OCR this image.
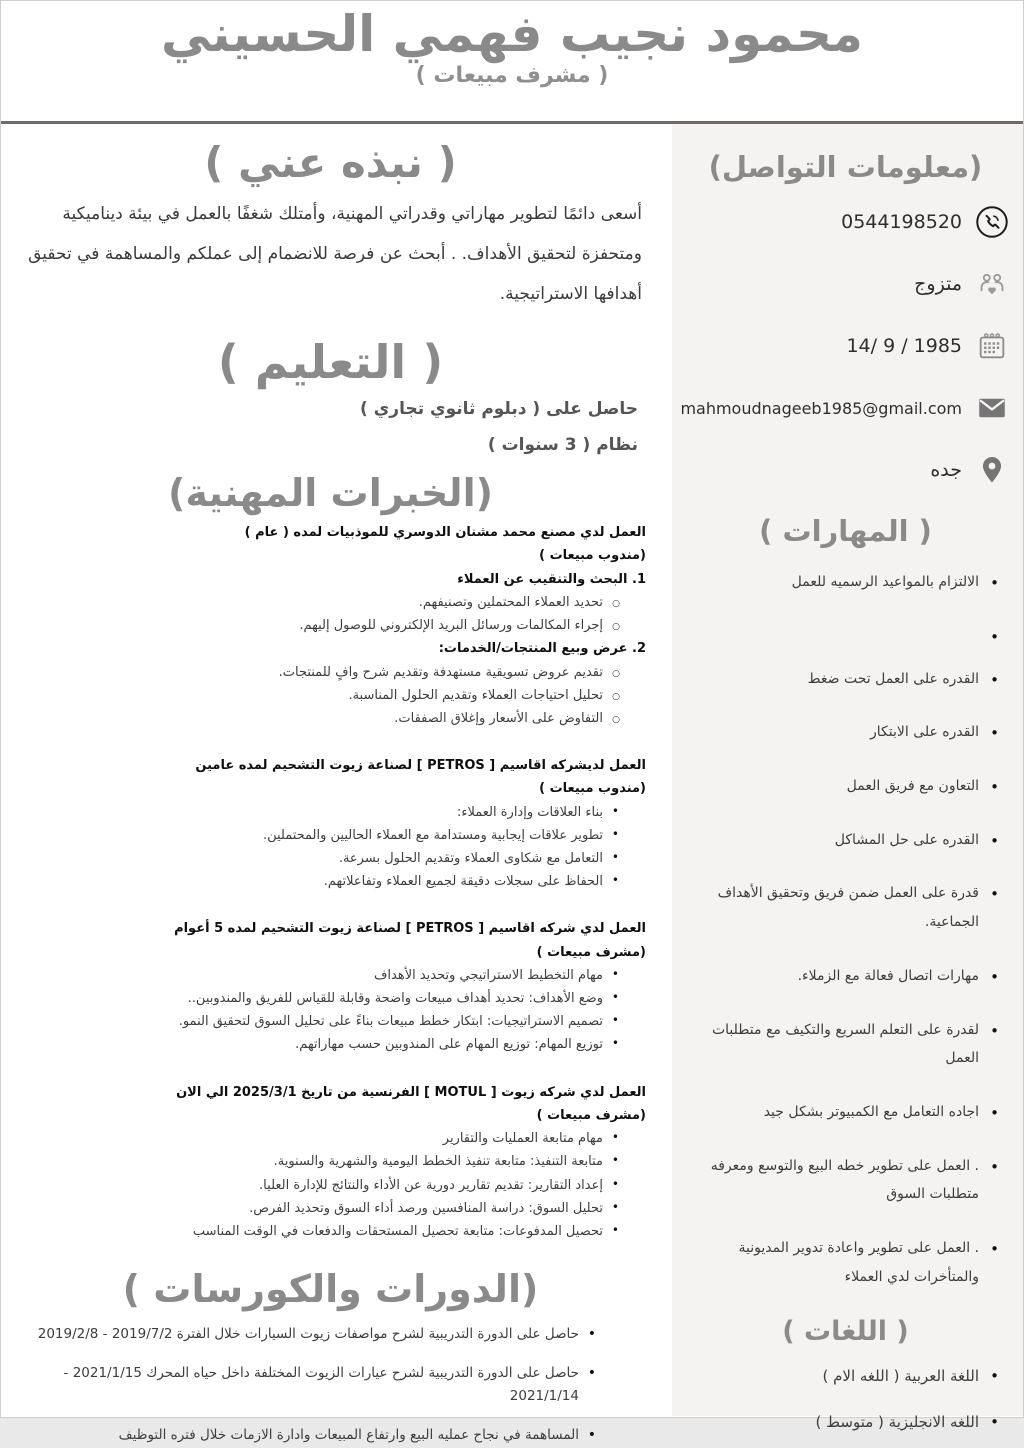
محمود نجيب فهمي الحسيني
( مشرف مبيعات )
(معلومات التواصل)
0544198520
متزوج
14/ 9 / 1985
mahmoudnageeb1985@gmail.com
جده
( المهارات )
• الالتزام بالمواعيد الرسميه للعمل
•
• القدره على العمل تحت ضغط
• القدره على الابتكار
• التعاون مع فريق العمل
• القدره على حل المشاكل
• قدرة على العمل ضمن فريق وتحقيق الأهداف الجماعية.
• مهارات اتصال فعالة مع الزملاء.
• لقدرة على التعلم السريع والتكيف مع متطلبات العمل
• اجاده التعامل مع الكمبيوتر بشكل جيد
• . العمل على تطوير خطه البيع والتوسع ومعرفه متطلبات السوق
• . العمل على تطوير واعادة تدوير المديونية والمتأخرات لدي العملاء
( اللغات )
• اللغة العربية ( اللغه الام )
• اللغه الانجليزية ( متوسط )
( نبذه عني )

أسعى دائمًا لتطوير مهاراتي وقدراتي المهنية، وأمتلك شغفًا بالعمل في بيئة ديناميكية ومتحفزة لتحقيق الأهداف. . أبحث عن فرصة للانضمام إلى عملكم والمساهمة في تحقيق أهدافها الاستراتيجية.

( التعليم )
حاصل على ( دبلوم ثانوي تجاري )
نظام ( 3 سنوات )
(الخبرات المهنية)
العمل لدي مصنع محمد مشنان الدوسري للموذبيات لمده ( عام )
(مندوب مبيعات )
1. البحث والتنقيب عن العملاء
○ تحديد العملاء المحتملين وتصنيفهم.
○ إجراء المكالمات ورسائل البريد الإلكتروني للوصول إليهم.
2. عرض وبيع المنتجات/الخدمات:
○ تقديم عروض تسويقية مستهدفة وتقديم شرح وافٍ للمنتجات.
○ تحليل احتياجات العملاء وتقديم الحلول المناسبة.
○ التفاوض على الأسعار وإغلاق الصفقات.
العمل لديشركه اقاسيم [ PETROS ] لصناعة زيوت التشحيم لمده عامين
(مندوب مبيعات )
• بناء العلاقات وإدارة العملاء:
• تطوير علاقات إيجابية ومستدامة مع العملاء الحاليين والمحتملين.
• التعامل مع شكاوى العملاء وتقديم الحلول بسرعة.
• الحفاظ على سجلات دقيقة لجميع العملاء وتفاعلاتهم.
العمل لدي شركه اقاسيم [ PETROS ] لصناعة زيوت التشحيم لمده 5 أعوام
(مشرف مبيعات )
• مهام التخطيط الاستراتيجي وتحديد الأهداف
• وضع الأهداف: تحديد أهداف مبيعات واضحة وقابلة للقياس للفريق والمندوبين..
• تصميم الاستراتيجيات: ابتكار خطط مبيعات بناءً على تحليل السوق لتحقيق النمو.
• توزيع المهام: توزيع المهام على المندوبين حسب مهاراتهم.
العمل لدي شركه زيوت [ MOTUL ] الفرنسية من تاريخ 2025/3/1 الي الان
(مشرف مبيعات )
• مهام متابعة العمليات والتقارير
• متابعة التنفيذ: متابعة تنفيذ الخطط اليومية والشهرية والسنوية.
• إعداد التقارير: تقديم تقارير دورية عن الأداء والنتائج للإدارة العليا.
• تحليل السوق: دراسة المنافسين ورصد أداء السوق وتحديد الفرص.
• تحصيل المدفوعات: متابعة تحصيل المستحقات والدفعات في الوقت المناسب
(الدورات والكورسات )
• حاصل على الدورة التدريبية لشرح مواصفات زيوت السيارات خلال الفترة 2019/7/2 - 2019/2/8
• حاصل على الدورة التدريبية لشرح عيارات الزيوت المختلفة داخل حياه المحرك 2021/1/15 - 2021/1/14
• المساهمة في نجاح عمليه البيع وارتفاع المبيعات وادارة الازمات خلال فتره التوظيف
